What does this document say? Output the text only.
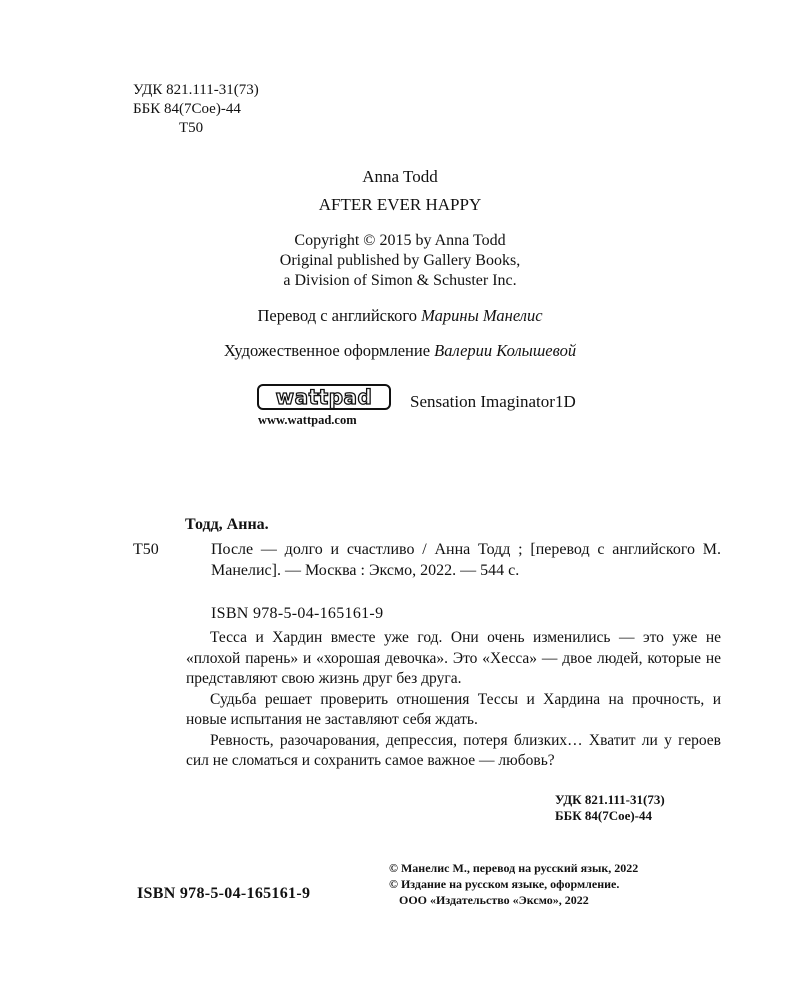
УДК 821.111-31(73)
ББК 84(7Сое)-44
Т50
Anna Todd
AFTER EVER HAPPY
Copyright © 2015 by Anna Todd
Original published by Gallery Books,
a Division of Simon & Schuster Inc.
Перевод с английского Марины Манелис
Художественное оформление Валерии Колышевой
wattpad
www.wattpad.com
Sensation Imaginator1D
Тодд, Анна.
Т50	После — долго и счастливо / Анна Тодд ; [перевод с английского М. Манелис]. — Москва : Эксмо, 2022. — 544 с.
ISBN 978-5-04-165161-9

Тесса и Хардин вместе уже год. Они очень изменились — это уже не «плохой парень» и «хорошая девочка». Это «Хесса» — двое людей, которые не представляют свою жизнь друг без друга.

Судьба решает проверить отношения Тессы и Хардина на прочность, и новые испытания не заставляют себя ждать.

Ревность, разочарования, депрессия, потеря близких… Хватит ли у героев сил не сломаться и сохранить самое важное — любовь?

УДК 821.111-31(73)
ББК 84(7Сое)-44
ISBN 978-5-04-165161-9
© Манелис М., перевод на русский язык, 2022
© Издание на русском языке, оформление.
ООО «Издательство «Эксмо», 2022
